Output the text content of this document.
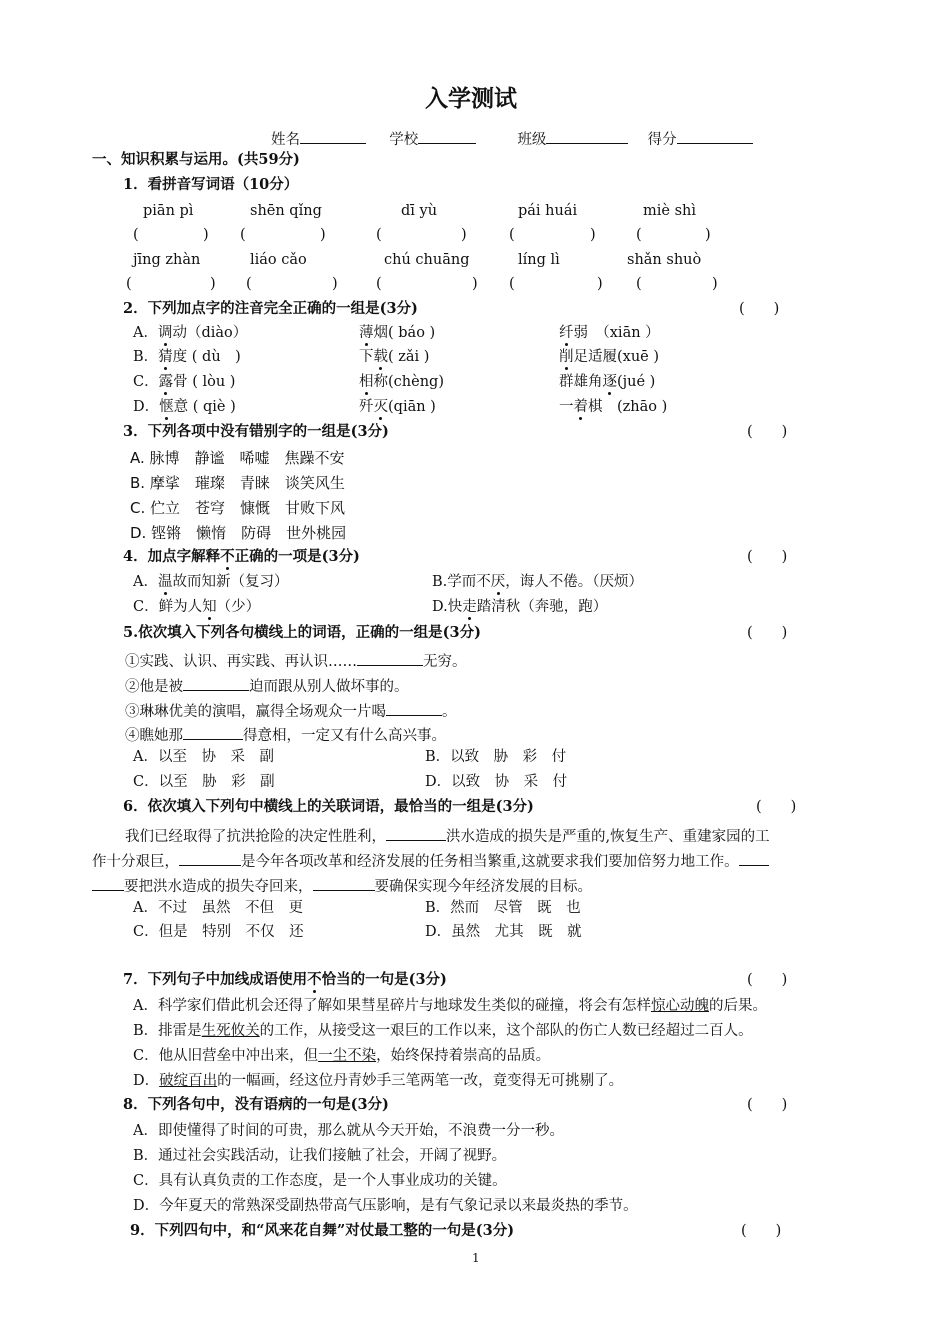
入学测试
姓名	学校	班级	得分
一、知识积累与运用。(共59分)
1．看拼音写词语（10分）
piān pì	shēn qǐng	dī yù	pái huái	miè shì
(	) (	)	(	)	(	)	(	)
jīng zhàn	liáo cǎo	chú chuāng	líng lì	shǎn shuò
(	) (	)	(	) (	) (	)
2．下列加点字的注音完全正确的一组是(3分)	(　　)
A．调动（diào）	薄烟( báo )	纤弱　（xiān ）
B．猜度 ( dù　)	下载( zǎi )	削足适履(xuē )
C．露骨 ( lòu )	相称(chèng)	群雄角逐(jué )
D．惬意 ( qiè )	歼灭(qiān )	一着棋　(zhāo )
3．下列各项中没有错别字的一组是(3分)	(　　)
A. 脉博　静谧　唏嘘　焦躁不安
B. 摩挲　璀璨　青睐　谈笑风生
C. 伫立　苍穹　慷慨　甘败下风
D. 铿锵　懒惰　防碍　世外桃园
4．加点字解释不正确的一项是(3分)	(　　)
A．温故而知新（复习）	B.学而不厌，诲人不倦。（厌烦）
C．鲜为人知（少）	D.快走踏清秋（奔驰，跑）
5.依次填入下列各句横线上的词语，正确的一组是(3分)	(　　)
①实践、认识、再实践、再认识……	无穷。
②他是被	迫而跟从别人做坏事的。
③琳琳优美的演唱，赢得全场观众一片喝	。
④瞧她那	得意相，一定又有什么高兴事。
A．以至　协　采　副	B．以致　胁　彩　付
C．以至　胁　彩　副	D．以致　协　采　付
6．依次填入下列句中横线上的关联词语，最恰当的一组是(3分)	(　　)
我们已经取得了抗洪抢险的决定性胜利，	洪水造成的损失是严重的,恢复生产、重建家园的工
作十分艰巨，	是今年各项改革和经济发展的任务相当繁重,这就要求我们要加倍努力地工作。
要把洪水造成的损失夺回来，	要确保实现今年经济发展的目标。
A．不过　虽然　不但　更	B．然而　尽管　既　也
C．但是　特别　不仅　还	D．虽然　尤其　既　就
7．下列句子中加线成语使用不恰当的一句是(3分)	(　　)
A．科学家们借此机会还得了解如果彗星碎片与地球发生类似的碰撞，将会有怎样惊心动魄的后果。
B．排雷是生死攸关的工作，从接受这一艰巨的工作以来，这个部队的伤亡人数已经超过二百人。
C．他从旧营垒中冲出来，但一尘不染，始终保持着崇高的品质。
D．破绽百出的一幅画，经这位丹青妙手三笔两笔一改，竟变得无可挑剔了。
8．下列各句中，没有语病的一句是(3分)	(　　)
A．即使懂得了时间的可贵，那么就从今天开始，不浪费一分一秒。
B．通过社会实践活动，让我们接触了社会，开阔了视野。
C．具有认真负责的工作态度，是一个人事业成功的关键。
D．今年夏天的常熟深受副热带高气压影响，是有气象记录以来最炎热的季节。
9．下列四句中，和“风来花自舞”对仗最工整的一句是(3分)	(　　)
1
